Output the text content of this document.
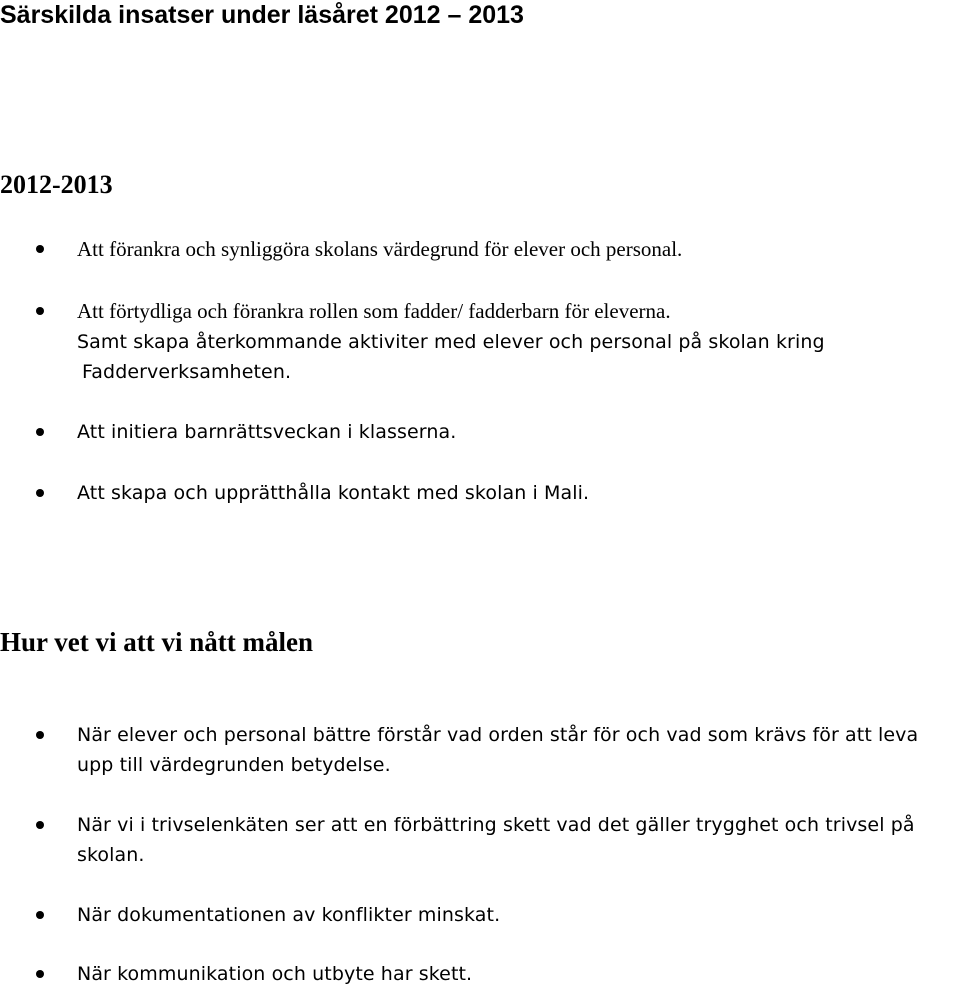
Särskilda insatser under läsåret 2012 – 2013
2012-2013
Att förankra och synliggöra skolans värdegrund för elever och personal.
Att förtydliga och förankra rollen som fadder/ fadderbarn för eleverna.
Samt skapa återkommande aktiviter med elever och personal på skolan kring
Fadderverksamheten.
Att initiera barnrättsveckan i klasserna.
Att skapa och upprätthålla kontakt med skolan i Mali.
Hur vet vi att vi nått målen
När elever och personal bättre förstår vad orden står för och vad som krävs för att leva
upp till värdegrunden betydelse.
När vi i trivselenkäten ser att en förbättring skett vad det gäller trygghet och trivsel på
skolan.
När dokumentationen av konflikter minskat.
När kommunikation och utbyte har skett.
